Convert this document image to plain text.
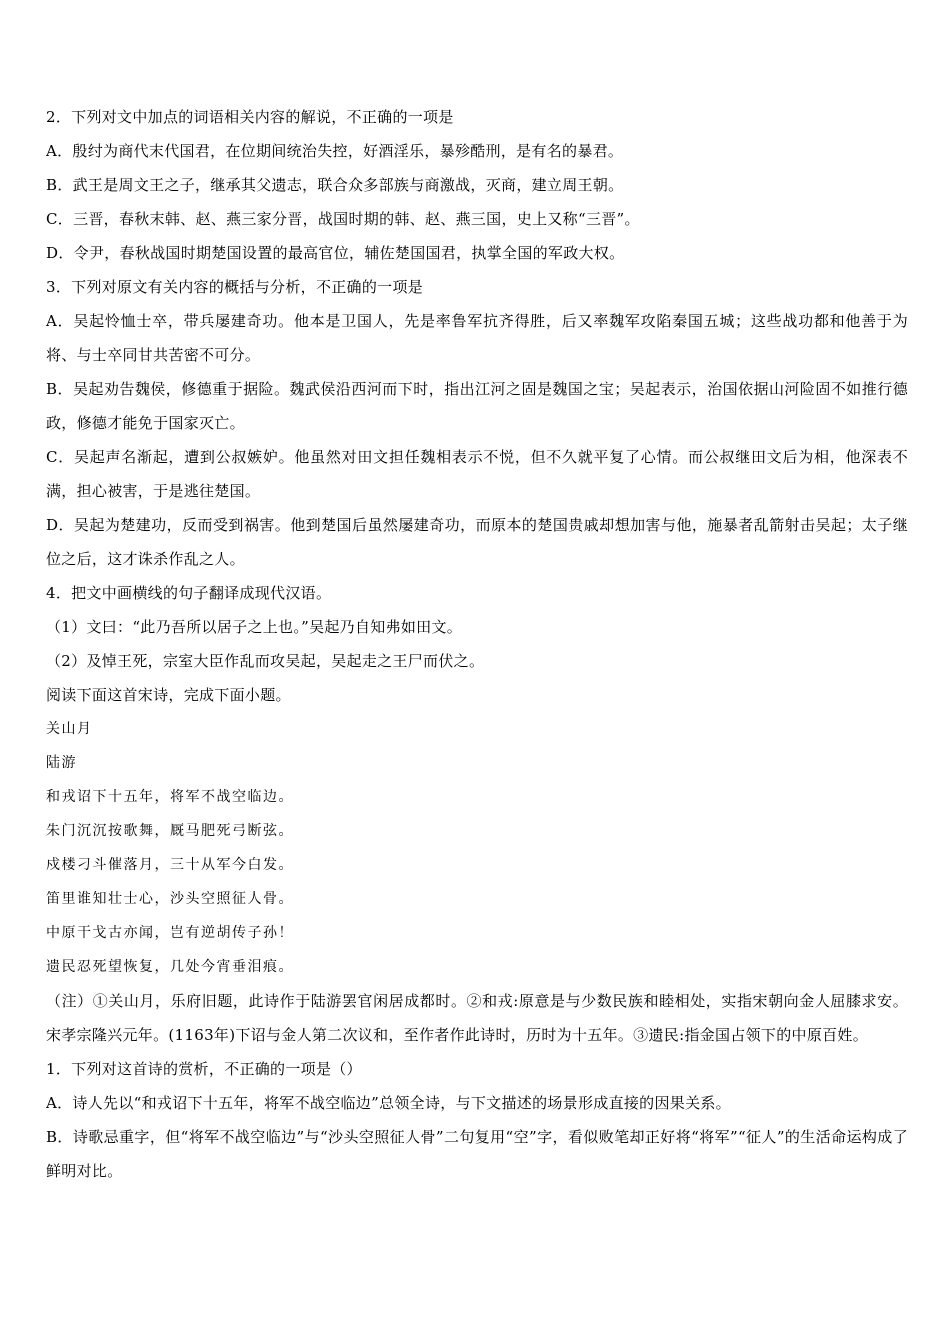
2．下列对文中加点的词语相关内容的解说，不正确的一项是
A．殷纣为商代末代国君，在位期间统治失控，好酒淫乐，暴殄酷刑，是有名的暴君。
B．武王是周文王之子，继承其父遗志，联合众多部族与商激战，灭商，建立周王朝。
C．三晋，春秋末韩、赵、燕三家分晋，战国时期的韩、赵、燕三国，史上又称“三晋”。
D．令尹，春秋战国时期楚国设置的最高官位，辅佐楚国国君，执掌全国的军政大权。
3．下列对原文有关内容的概括与分析，不正确的一项是
A．吴起怜恤士卒，带兵屡建奇功。他本是卫国人，先是率鲁军抗齐得胜，后又率魏军攻陷秦国五城；这些战功都和他善于为将、与士卒同甘共苦密不可分。
B．吴起劝告魏侯，修德重于据险。魏武侯沿西河而下时，指出江河之固是魏国之宝；吴起表示，治国依据山河险固不如推行德政，修德才能免于国家灭亡。
C．吴起声名渐起，遭到公叔嫉妒。他虽然对田文担任魏相表示不悦，但不久就平复了心情。而公叔继田文后为相，他深表不满，担心被害，于是逃往楚国。
D．吴起为楚建功，反而受到祸害。他到楚国后虽然屡建奇功，而原本的楚国贵戚却想加害与他，施暴者乱箭射击吴起；太子继位之后，这才诛杀作乱之人。
4．把文中画横线的句子翻译成现代汉语。
（1）文曰：“此乃吾所以居子之上也。”吴起乃自知弗如田文。
（2）及悼王死，宗室大臣作乱而攻吴起，吴起走之王尸而伏之。
阅读下面这首宋诗，完成下面小题。
关山月
陆游
和戎诏下十五年，将军不战空临边。
朱门沉沉按歌舞，厩马肥死弓断弦。
戍楼刁斗催落月，三十从军今白发。
笛里谁知壮士心，沙头空照征人骨。
中原干戈古亦闻，岂有逆胡传子孙！
遗民忍死望恢复，几处今宵垂泪痕。
（注）①关山月，乐府旧题，此诗作于陆游罢官闲居成都时。②和戎:原意是与少数民族和睦相处，实指宋朝向金人屈膝求安。宋孝宗隆兴元年。(1163年)下诏与金人第二次议和，至作者作此诗时，历时为十五年。③遗民:指金国占领下的中原百姓。
1．下列对这首诗的赏析，不正确的一项是（）
A．诗人先以“和戎诏下十五年，将军不战空临边”总领全诗，与下文描述的场景形成直接的因果关系。
B．诗歌忌重字，但“将军不战空临边”与“沙头空照征人骨”二句复用“空”字，看似败笔却正好将“将军”“征人”的生活命运构成了鲜明对比。
